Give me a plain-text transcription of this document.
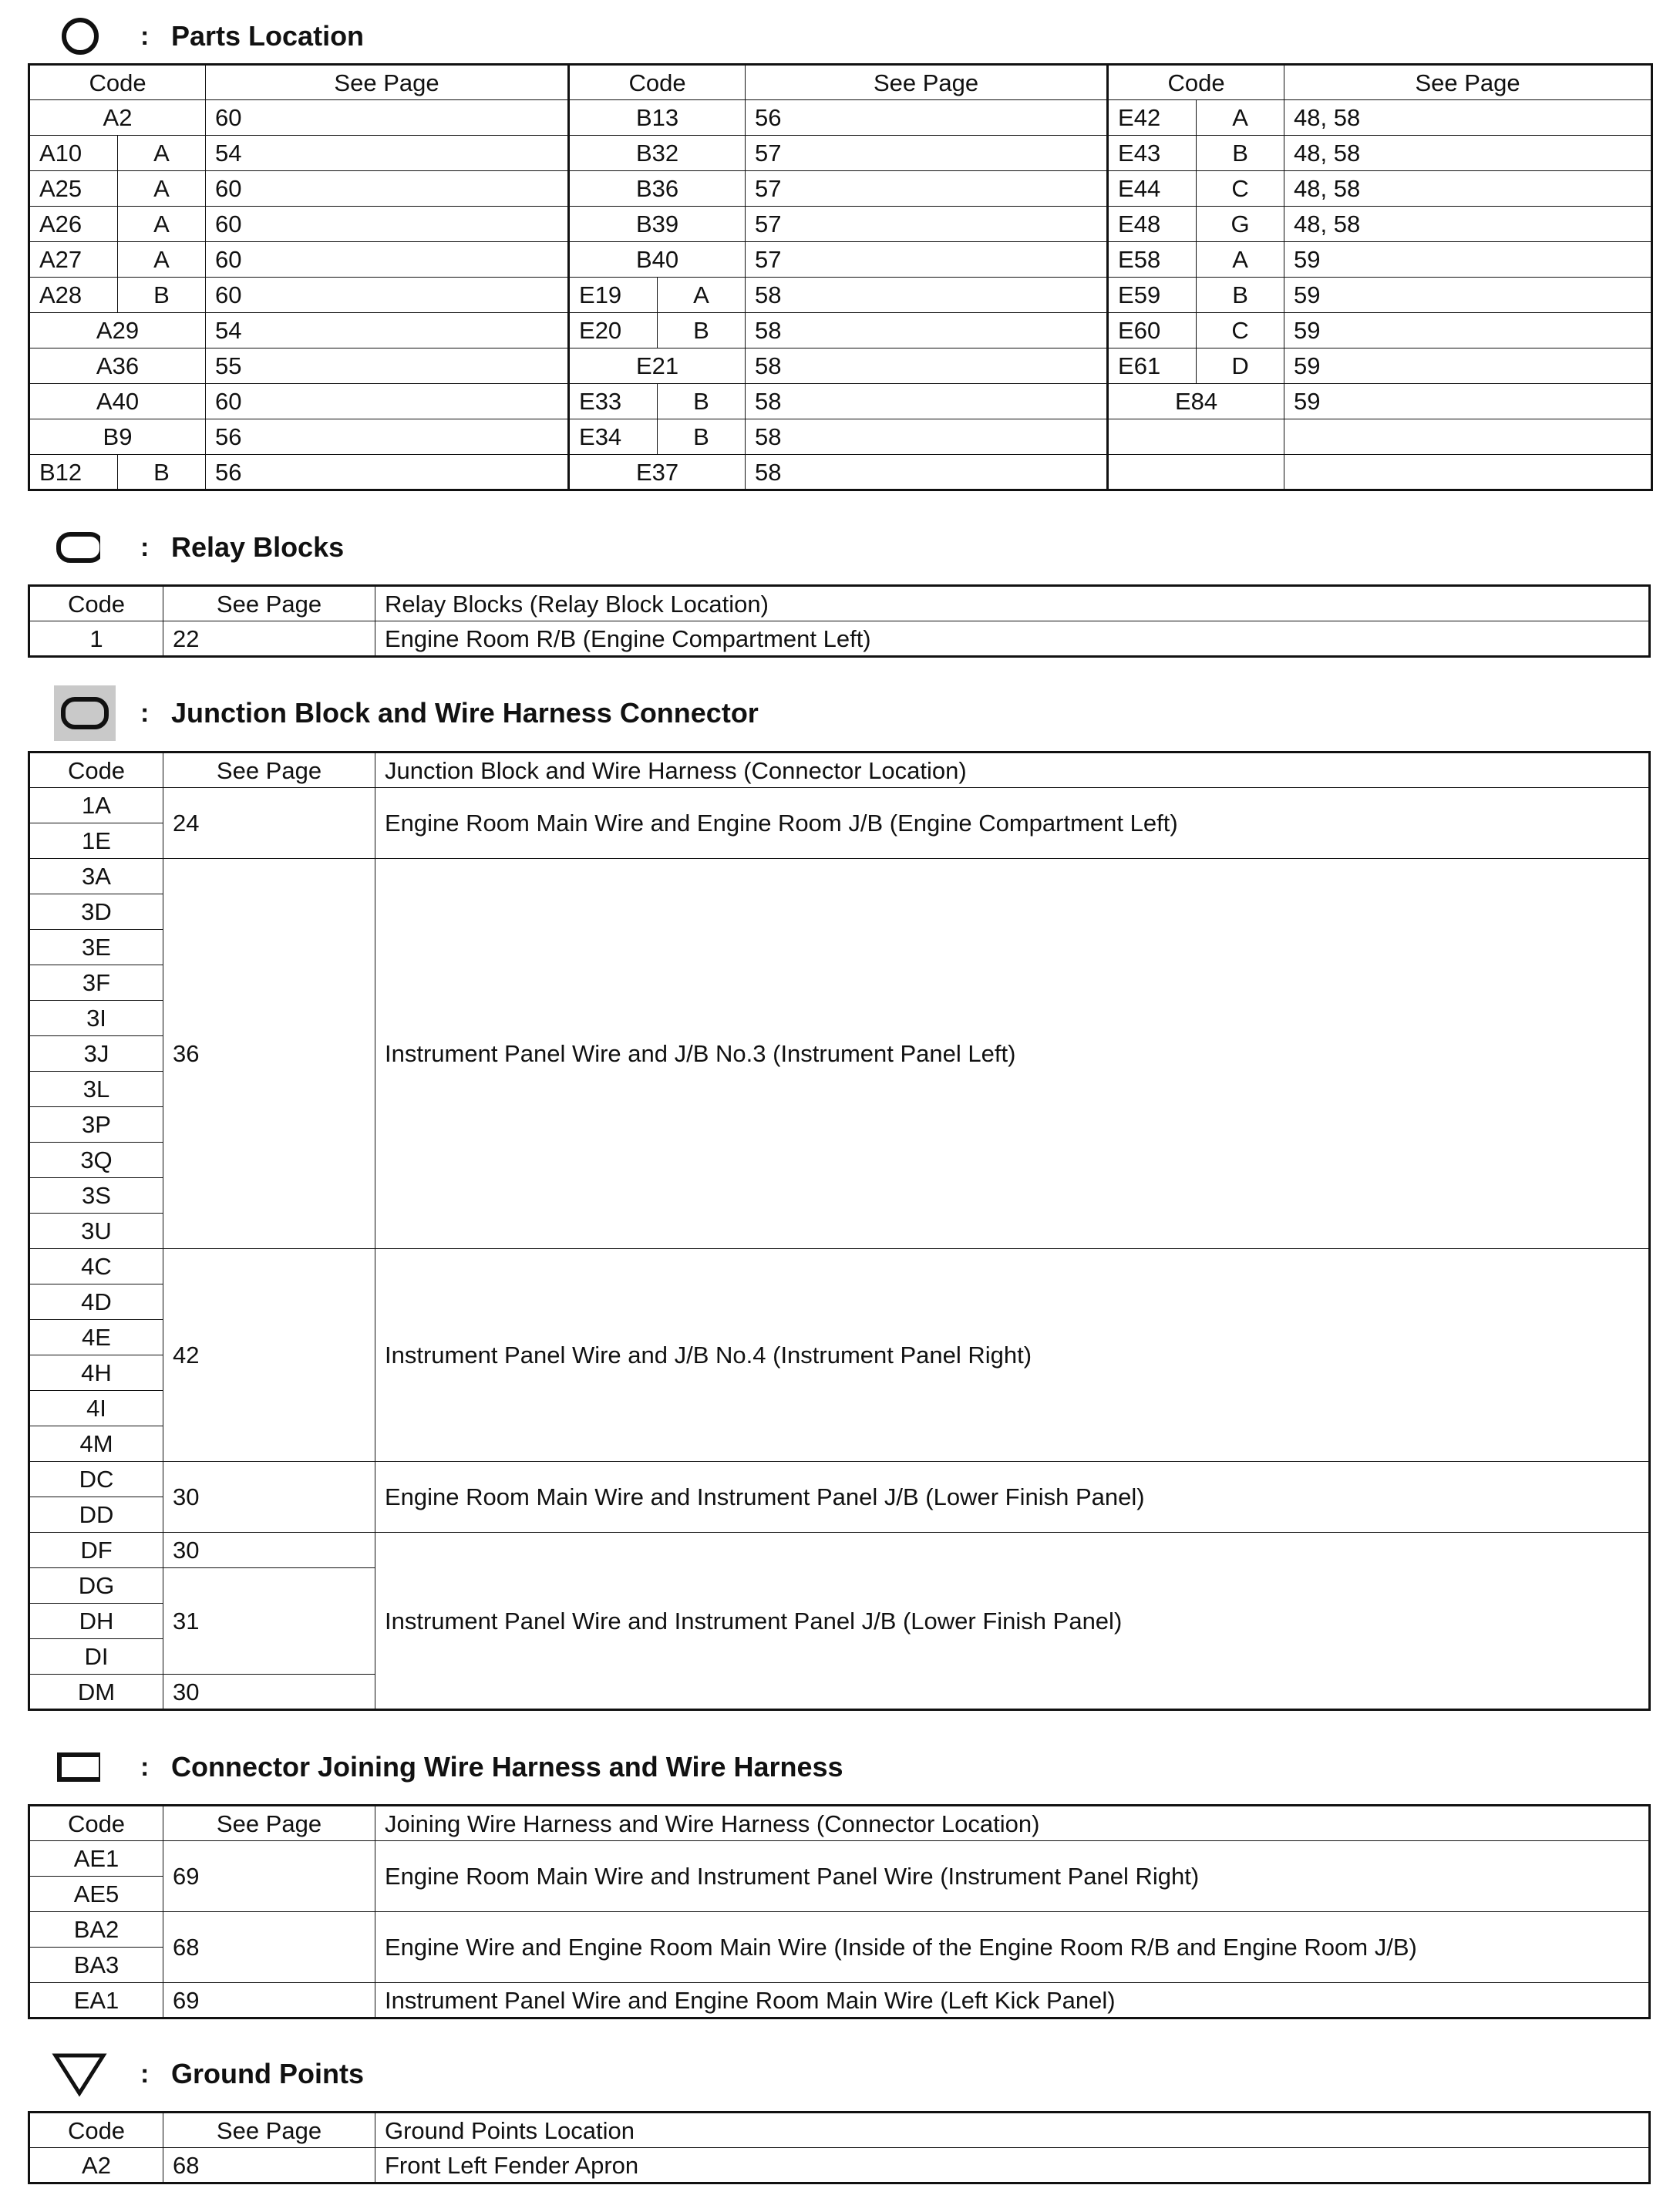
: Parts Location
Code		See Page	Code		See Page	Code		See Page
A2		60	B13		56	E42	A	48, 58
A10	A	54	B32		57	E43	B	48, 58
A25	A	60	B36		57	E44	C	48, 58
A26	A	60	B39		57	E48	G	48, 58
A27	A	60	B40		57	E58	A	59
A28	B	60	E19	A	58	E59	B	59
A29		54	E20	B	58	E60	C	59
A36		55	E21		58	E61	D	59
A40		60	E33	B	58	E84		59
B9		56	E34	B	58			
B12	B	56	E37		58			
: Relay Blocks
Code	See Page	Relay Blocks (Relay Block Location)
1	22	Engine Room R/B (Engine Compartment Left)
: Junction Block and Wire Harness Connector
Code	See Page	Junction Block and Wire Harness (Connector Location)
1A	24	Engine Room Main Wire and Engine Room J/B (Engine Compartment Left)
1E		
3A	36	Instrument Panel Wire and J/B No.3 (Instrument Panel Left)
3D		
3E		
3F		
3I		
3J		
3L		
3P		
3Q		
3S		
3U		
4C	42	Instrument Panel Wire and J/B No.4 (Instrument Panel Right)
4D		
4E		
4H		
4I		
4M		
DC	30	Engine Room Main Wire and Instrument Panel J/B (Lower Finish Panel)
DD		
DF	30	Instrument Panel Wire and Instrument Panel J/B (Lower Finish Panel)
DG	31	
DH		
DI		
DM	30	
: Connector Joining Wire Harness and Wire Harness
Code	See Page	Joining Wire Harness and Wire Harness (Connector Location)
AE1	69	Engine Room Main Wire and Instrument Panel Wire (Instrument Panel Right)
AE5		
BA2	68	Engine Wire and Engine Room Main Wire (Inside of the Engine Room R/B and Engine Room J/B)
BA3		
EA1	69	Instrument Panel Wire and Engine Room Main Wire (Left Kick Panel)
: Ground Points
Code	See Page	Ground Points Location
A2	68	Front Left Fender Apron
